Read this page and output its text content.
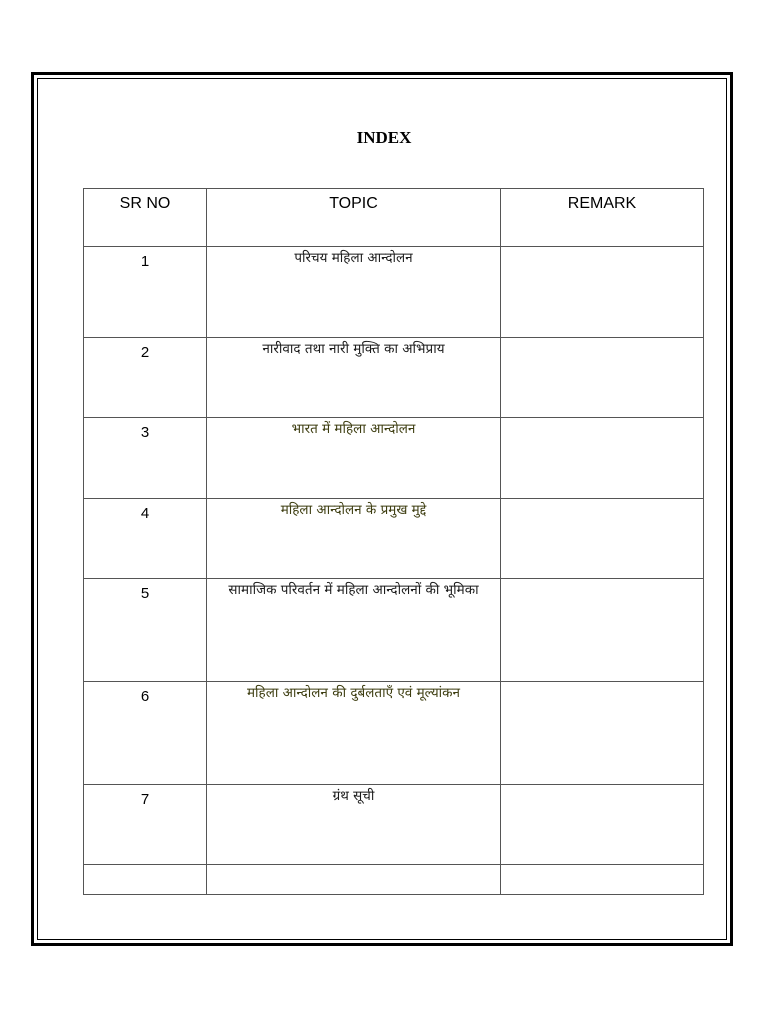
INDEX
SR NO	TOPIC	REMARK
1	परिचय महिला आन्दोलन	
2	नारीवाद तथा नारी मुक्ति का अभिप्राय	
3	भारत में महिला आन्दोलन	
4	महिला आन्दोलन के प्रमुख मुद्दे	
5	सामाजिक परिवर्तन में महिला आन्दोलनों की भूमिका	
6	महिला आन्दोलन की दुर्बलताएँ एवं मूल्यांकन	
7	ग्रंथ सूची	
